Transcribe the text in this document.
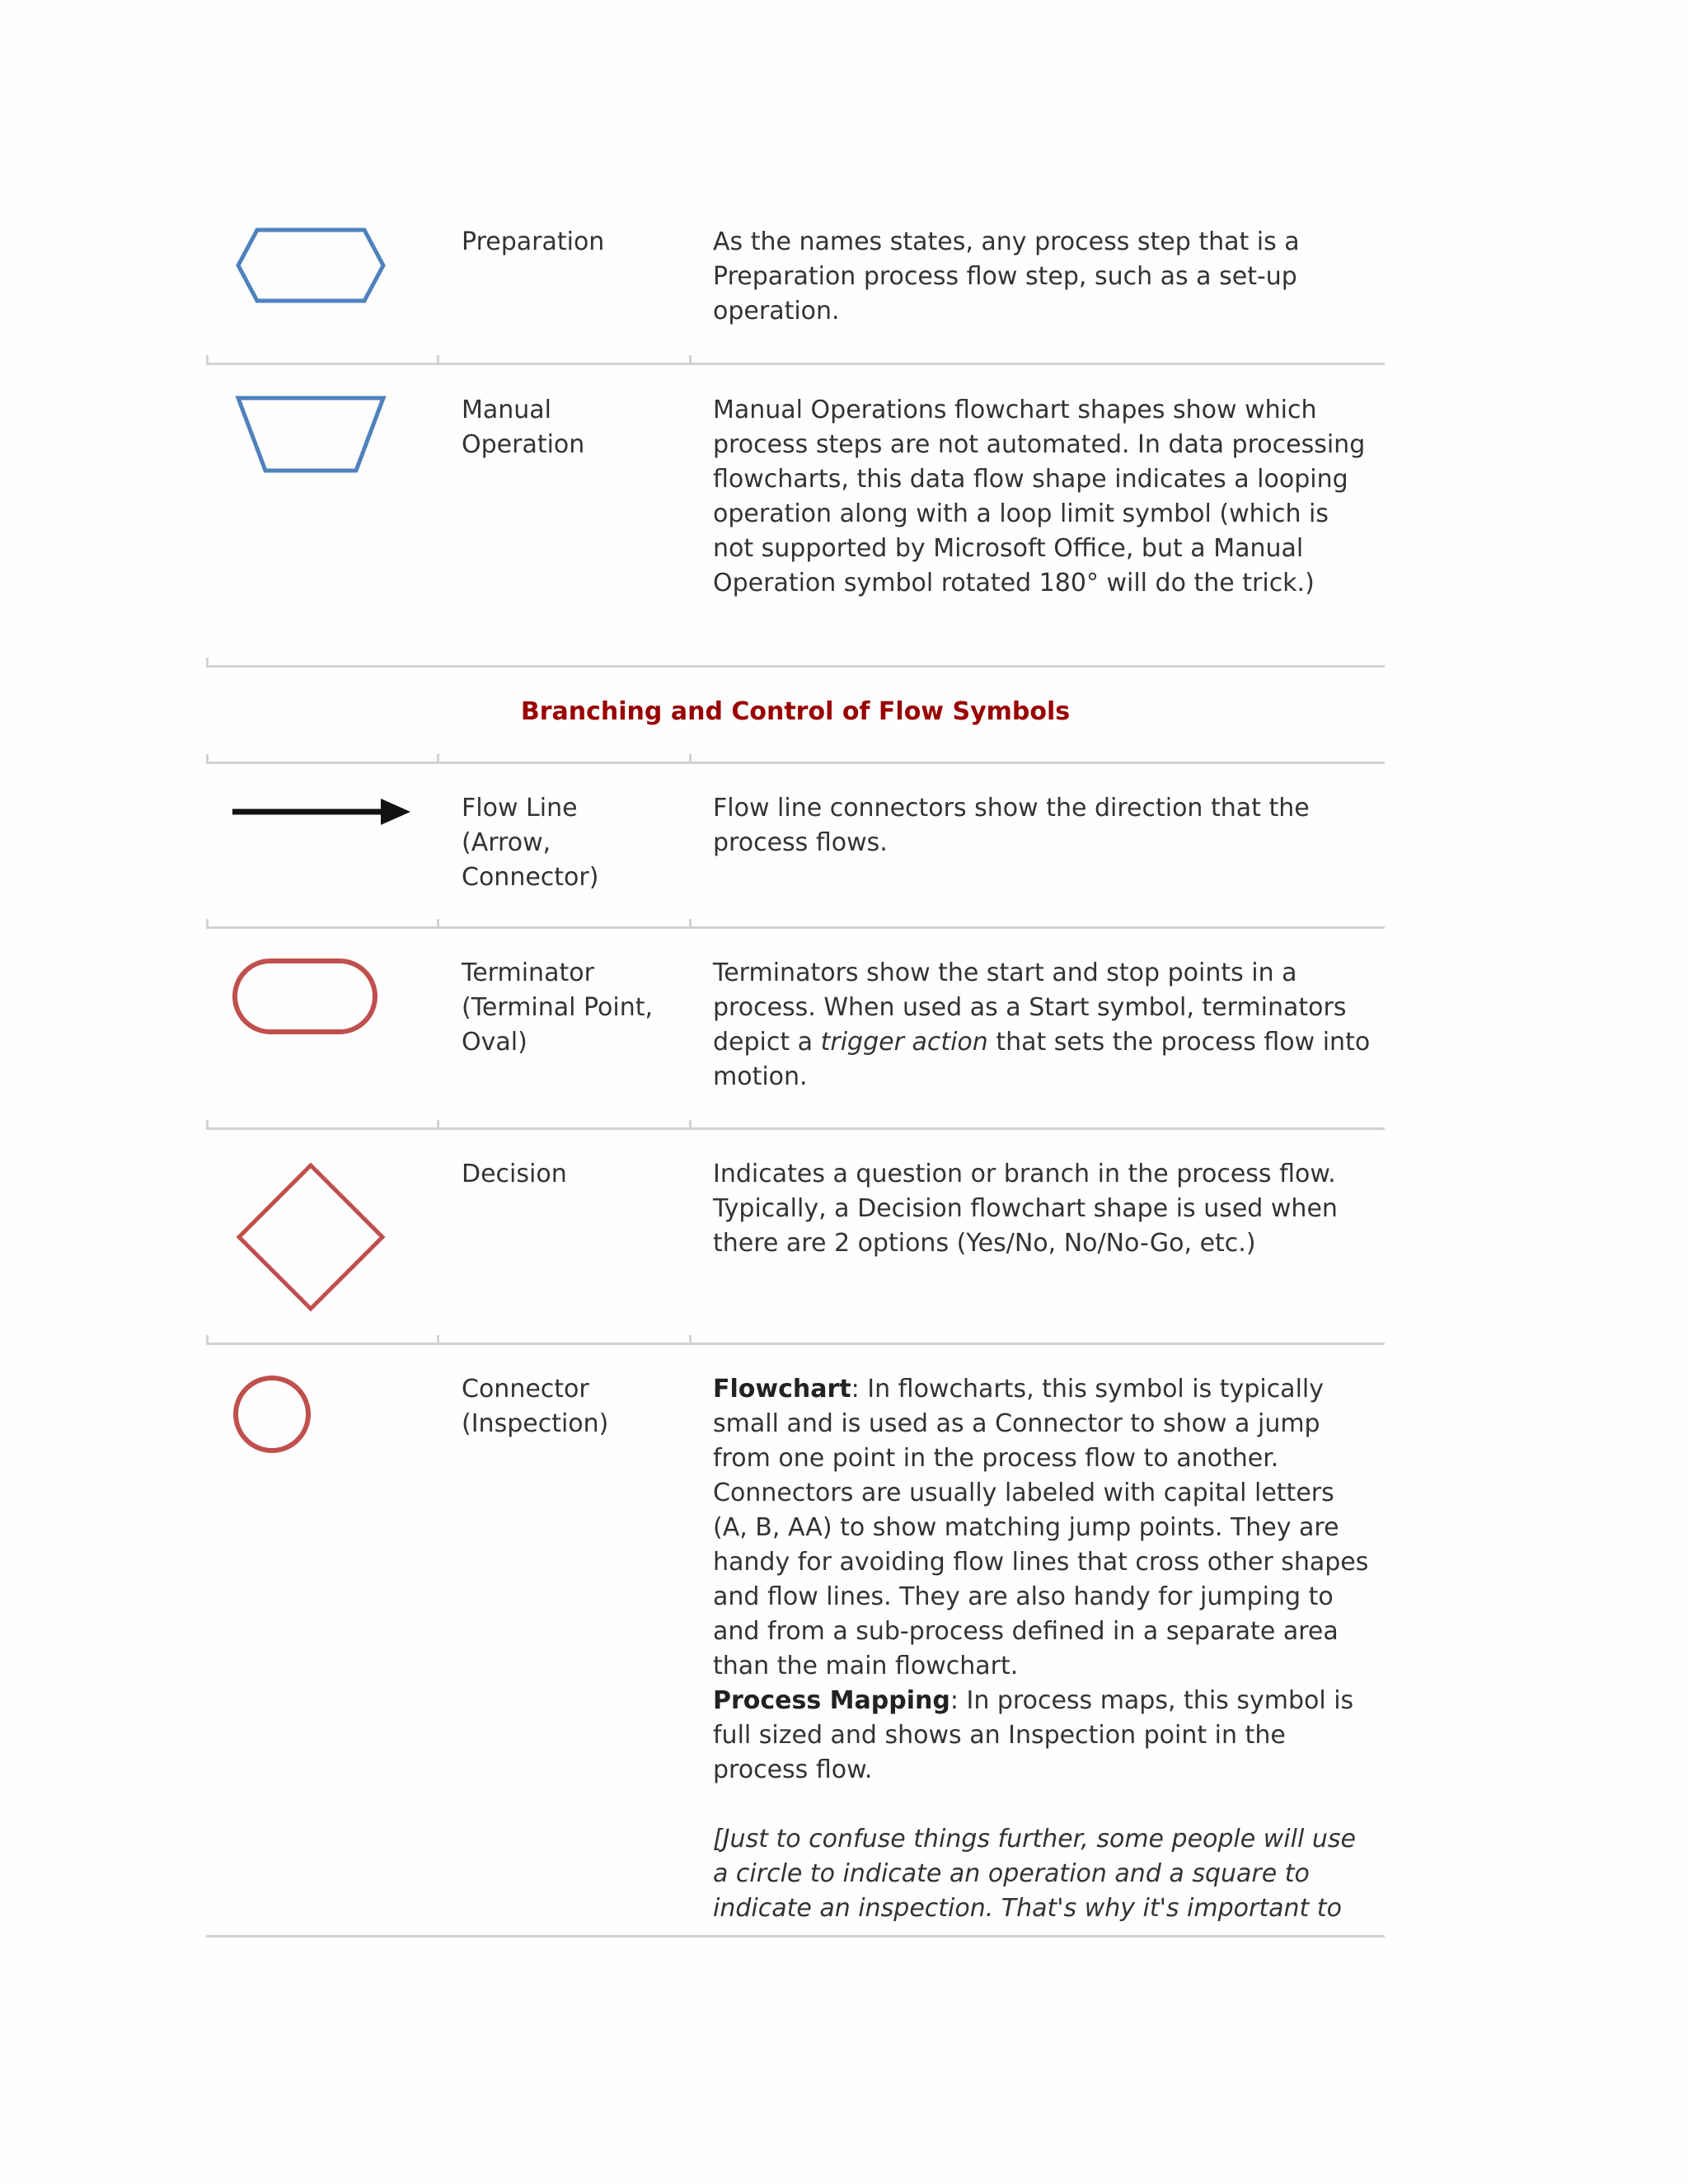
Preparation	As the names states, any process step that is a Preparation process flow step, such as a set-up operation.
Manual Operation
Manual Operations flowchart shapes show which process steps are not automated. In data processing flowcharts, this data flow shape indicates a looping operation along with a loop limit symbol (which is not supported by Microsoft Office, but a Manual Operation symbol rotated 180° will do the trick.)
Branching and Control of Flow Symbols
Flow Line (Arrow, Connector)
Flow line connectors show the direction that the process flows.
Terminator (Terminal Point, Oval)
Terminators show the start and stop points in a process. When used as a Start symbol, terminators depict a trigger action that sets the process flow into motion.
Decision	Indicates a question or branch in the process flow. Typically, a Decision flowchart shape is used when there are 2 options (Yes/No, No/No-Go, etc.)
Connector (Inspection)

Flowchart: In flowcharts, this symbol is typically small and is used as a Connector to show a jump from one point in the process flow to another. Connectors are usually labeled with capital letters (A, B, AA) to show matching jump points. They are handy for avoiding flow lines that cross other shapes and flow lines. They are also handy for jumping to and from a sub-process defined in a separate area than the main flowchart.

Process Mapping: In process maps, this symbol is full sized and shows an Inspection point in the process flow.

[Just to confuse things further, some people will use a circle to indicate an operation and a square to indicate an inspection. That's why it's important to
